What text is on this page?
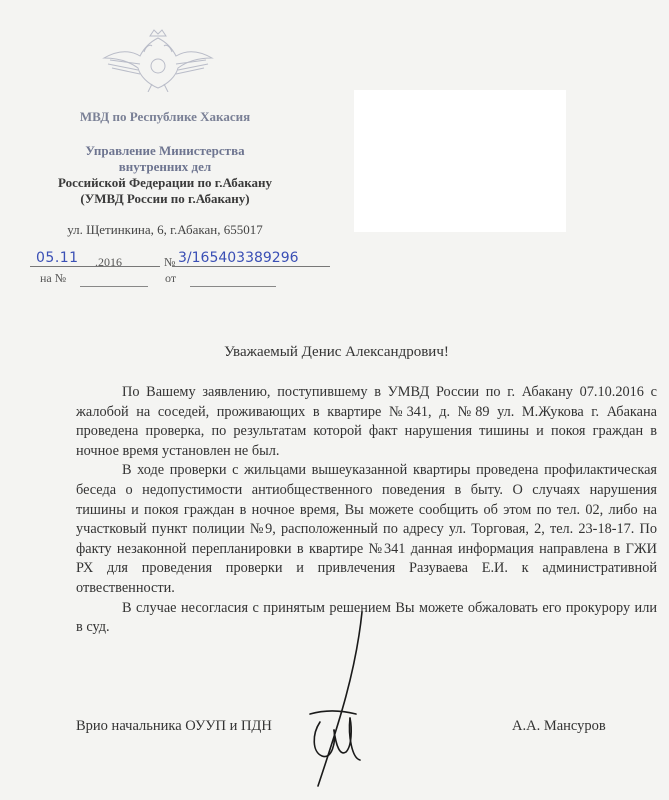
МВД по Республике Хакасия
Управление Министерства
внутренних дел
Российской Федерации по г.Абакану
(УМВД России по г.Абакану)
ул. Щетинкина, 6, г.Абакан, 655017
05.11 .2016	№ 3/165403389296
на №	от
Уважаемый Денис Александрович!

По Вашему заявлению, поступившему в УМВД России по г. Абакану 07.10.2016 с жалобой на соседей, проживающих в квартире №341, д. №89 ул. М.Жукова г. Абакана проведена проверка, по результатам которой факт нарушения тишины и покоя граждан в ночное время установлен не был.

В ходе проверки с жильцами вышеуказанной квартиры проведена профилактическая беседа о недопустимости антиобщественного поведения в быту. О случаях нарушения тишины и покоя граждан в ночное время, Вы можете сообщить об этом по тел. 02, либо на участковый пункт полиции №9, расположенный по адресу ул. Торговая, 2, тел. 23-18-17. По факту незаконной перепланировки в квартире №341 данная информация направлена в ГЖИ РХ для проведения проверки и привлечения Разуваева Е.И. к административной отвественности.

В случае несогласия с принятым решением Вы можете обжаловать его прокурору или в суд.

Врио начальника ОУУП и ПДН	А.А. Мансуров
